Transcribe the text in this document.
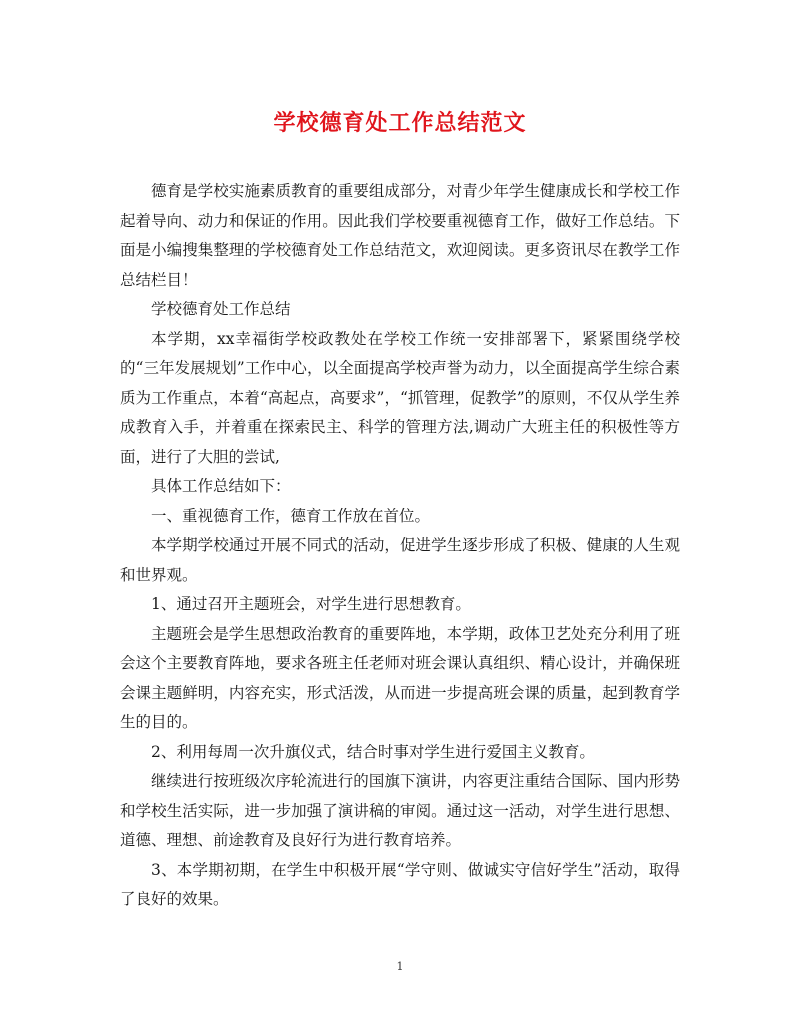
学校德育处工作总结范文

德育是学校实施素质教育的重要组成部分，对青少年学生健康成长和学校工作起着导向、动力和保证的作用。因此我们学校要重视德育工作，做好工作总结。下面是小编搜集整理的学校德育处工作总结范文，欢迎阅读。更多资讯尽在教学工作总结栏目！

学校德育处工作总结

本学期，xx幸福街学校政教处在学校工作统一安排部署下，紧紧围绕学校的“三年发展规划”工作中心，以全面提高学校声誉为动力，以全面提高学生综合素质为工作重点，本着“高起点，高要求”，“抓管理，促教学”的原则，不仅从学生养成教育入手，并着重在探索民主、科学的管理方法,调动广大班主任的积极性等方面，进行了大胆的尝试,

具体工作总结如下：

一、重视德育工作，德育工作放在首位。

本学期学校通过开展不同式的活动，促进学生逐步形成了积极、健康的人生观和世界观。

1、通过召开主题班会，对学生进行思想教育。

主题班会是学生思想政治教育的重要阵地，本学期，政体卫艺处充分利用了班会这个主要教育阵地，要求各班主任老师对班会课认真组织、精心设计，并确保班会课主题鲜明，内容充实，形式活泼，从而进一步提高班会课的质量，起到教育学生的目的。

2、利用每周一次升旗仪式，结合时事对学生进行爱国主义教育。

继续进行按班级次序轮流进行的国旗下演讲，内容更注重结合国际、国内形势和学校生活实际，进一步加强了演讲稿的审阅。通过这一活动，对学生进行思想、道德、理想、前途教育及良好行为进行教育培养。

3、本学期初期，在学生中积极开展“学守则、做诚实守信好学生”活动，取得了良好的效果。

1
